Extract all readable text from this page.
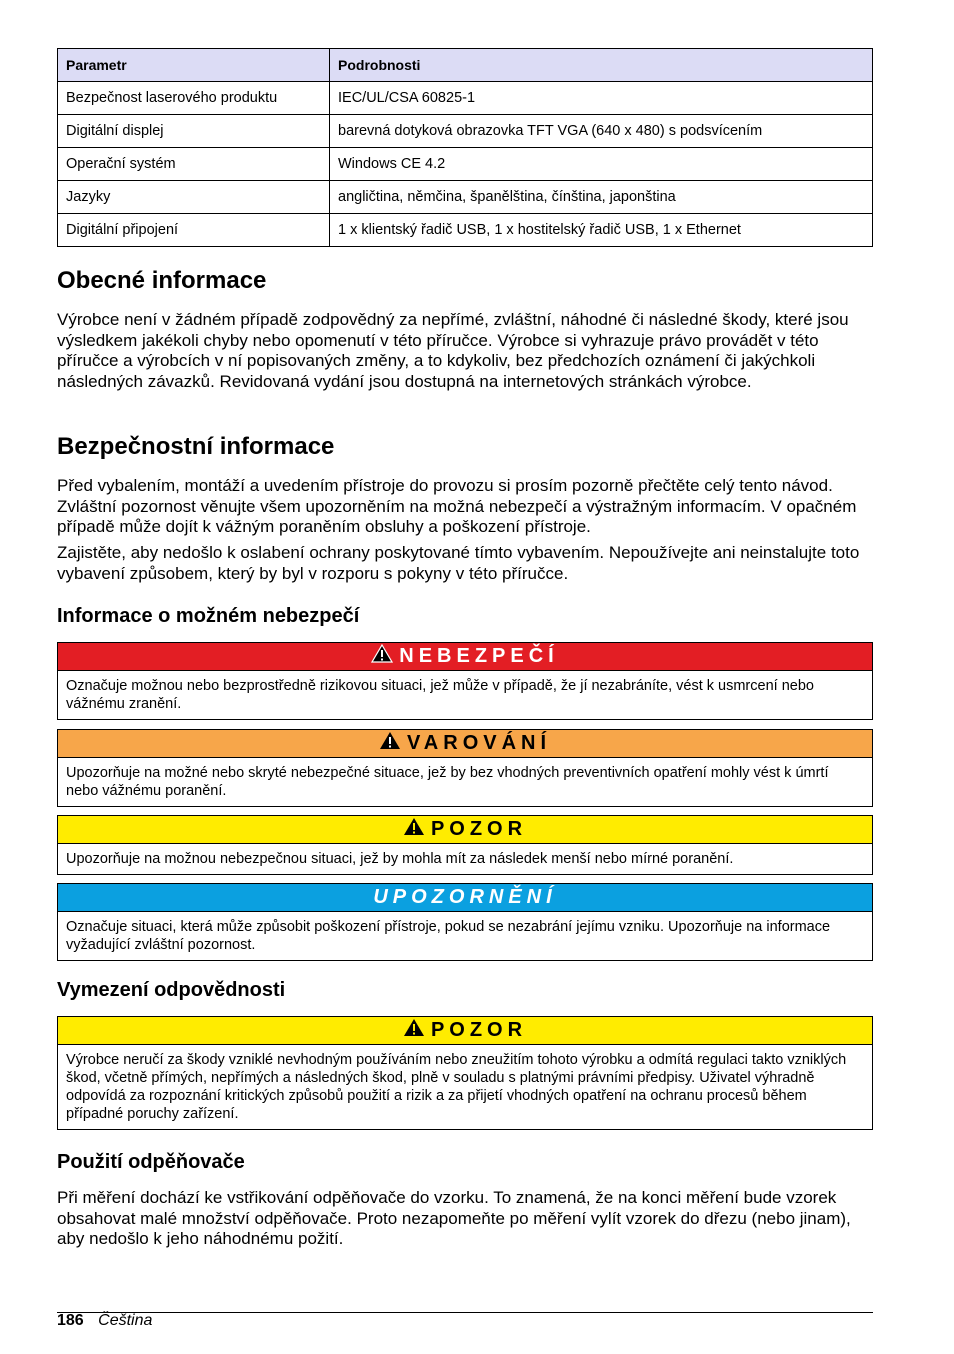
Parametr	Podrobnosti
Bezpečnost laserového produktu	IEC/UL/CSA 60825-1
Digitální displej	barevná dotyková obrazovka TFT VGA (640 x 480) s podsvícením
Operační systém	Windows CE 4.2
Jazyky	angličtina, němčina, španělština, čínština, japonština
Digitální připojení	1 x klientský řadič USB, 1 x hostitelský řadič USB, 1 x Ethernet
Obecné informace

Výrobce není v žádném případě zodpovědný za nepřímé, zvláštní, náhodné či následné škody, které jsou výsledkem jakékoli chyby nebo opomenutí v této příručce. Výrobce si vyhrazuje právo provádět v této příručce a výrobcích v ní popisovaných změny, a to kdykoliv, bez předchozích oznámení či jakýchkoli následných závazků. Revidovaná vydání jsou dostupná na internetových stránkách výrobce.

Bezpečnostní informace

Před vybalením, montáží a uvedením přístroje do provozu si prosím pozorně přečtěte celý tento návod. Zvláštní pozornost věnujte všem upozorněním na možná nebezpečí a výstražným informacím. V opačném případě může dojít k vážným poraněním obsluhy a poškození přístroje.

Zajistěte, aby nedošlo k oslabení ochrany poskytované tímto vybavením. Nepoužívejte ani neinstalujte toto vybavení způsobem, který by byl v rozporu s pokyny v této příručce.

Informace o možném nebezpečí
NEBEZPEČÍ
Označuje možnou nebo bezprostředně rizikovou situaci, jež může v případě, že jí nezabráníte, vést k usmrcení nebo vážnému zranění.
VAROVÁNÍ
Upozorňuje na možné nebo skryté nebezpečné situace, jež by bez vhodných preventivních opatření mohly vést k úmrtí nebo vážnému poranění.
POZOR
Upozorňuje na možnou nebezpečnou situaci, jež by mohla mít za následek menší nebo mírné poranění.
UPOZORNĚNÍ
Označuje situaci, která může způsobit poškození přístroje, pokud se nezabrání jejímu vzniku. Upozorňuje na informace vyžadující zvláštní pozornost.
Vymezení odpovědnosti
POZOR
Výrobce neručí za škody vzniklé nevhodným používáním nebo zneužitím tohoto výrobku a odmítá regulaci takto vzniklých škod, včetně přímých, nepřímých a následných škod, plně v souladu s platnými právními předpisy. Uživatel výhradně odpovídá za rozpoznání kritických způsobů použití a rizik a za přijetí vhodných opatření na ochranu procesů během případné poruchy zařízení.
Použití odpěňovače

Při měření dochází ke vstřikování odpěňovače do vzorku. To znamená, že na konci měření bude vzorek obsahovat malé množství odpěňovače. Proto nezapomeňte po měření vylít vzorek do dřezu (nebo jinam), aby nedošlo k jeho náhodnému požití.

186 Čeština
